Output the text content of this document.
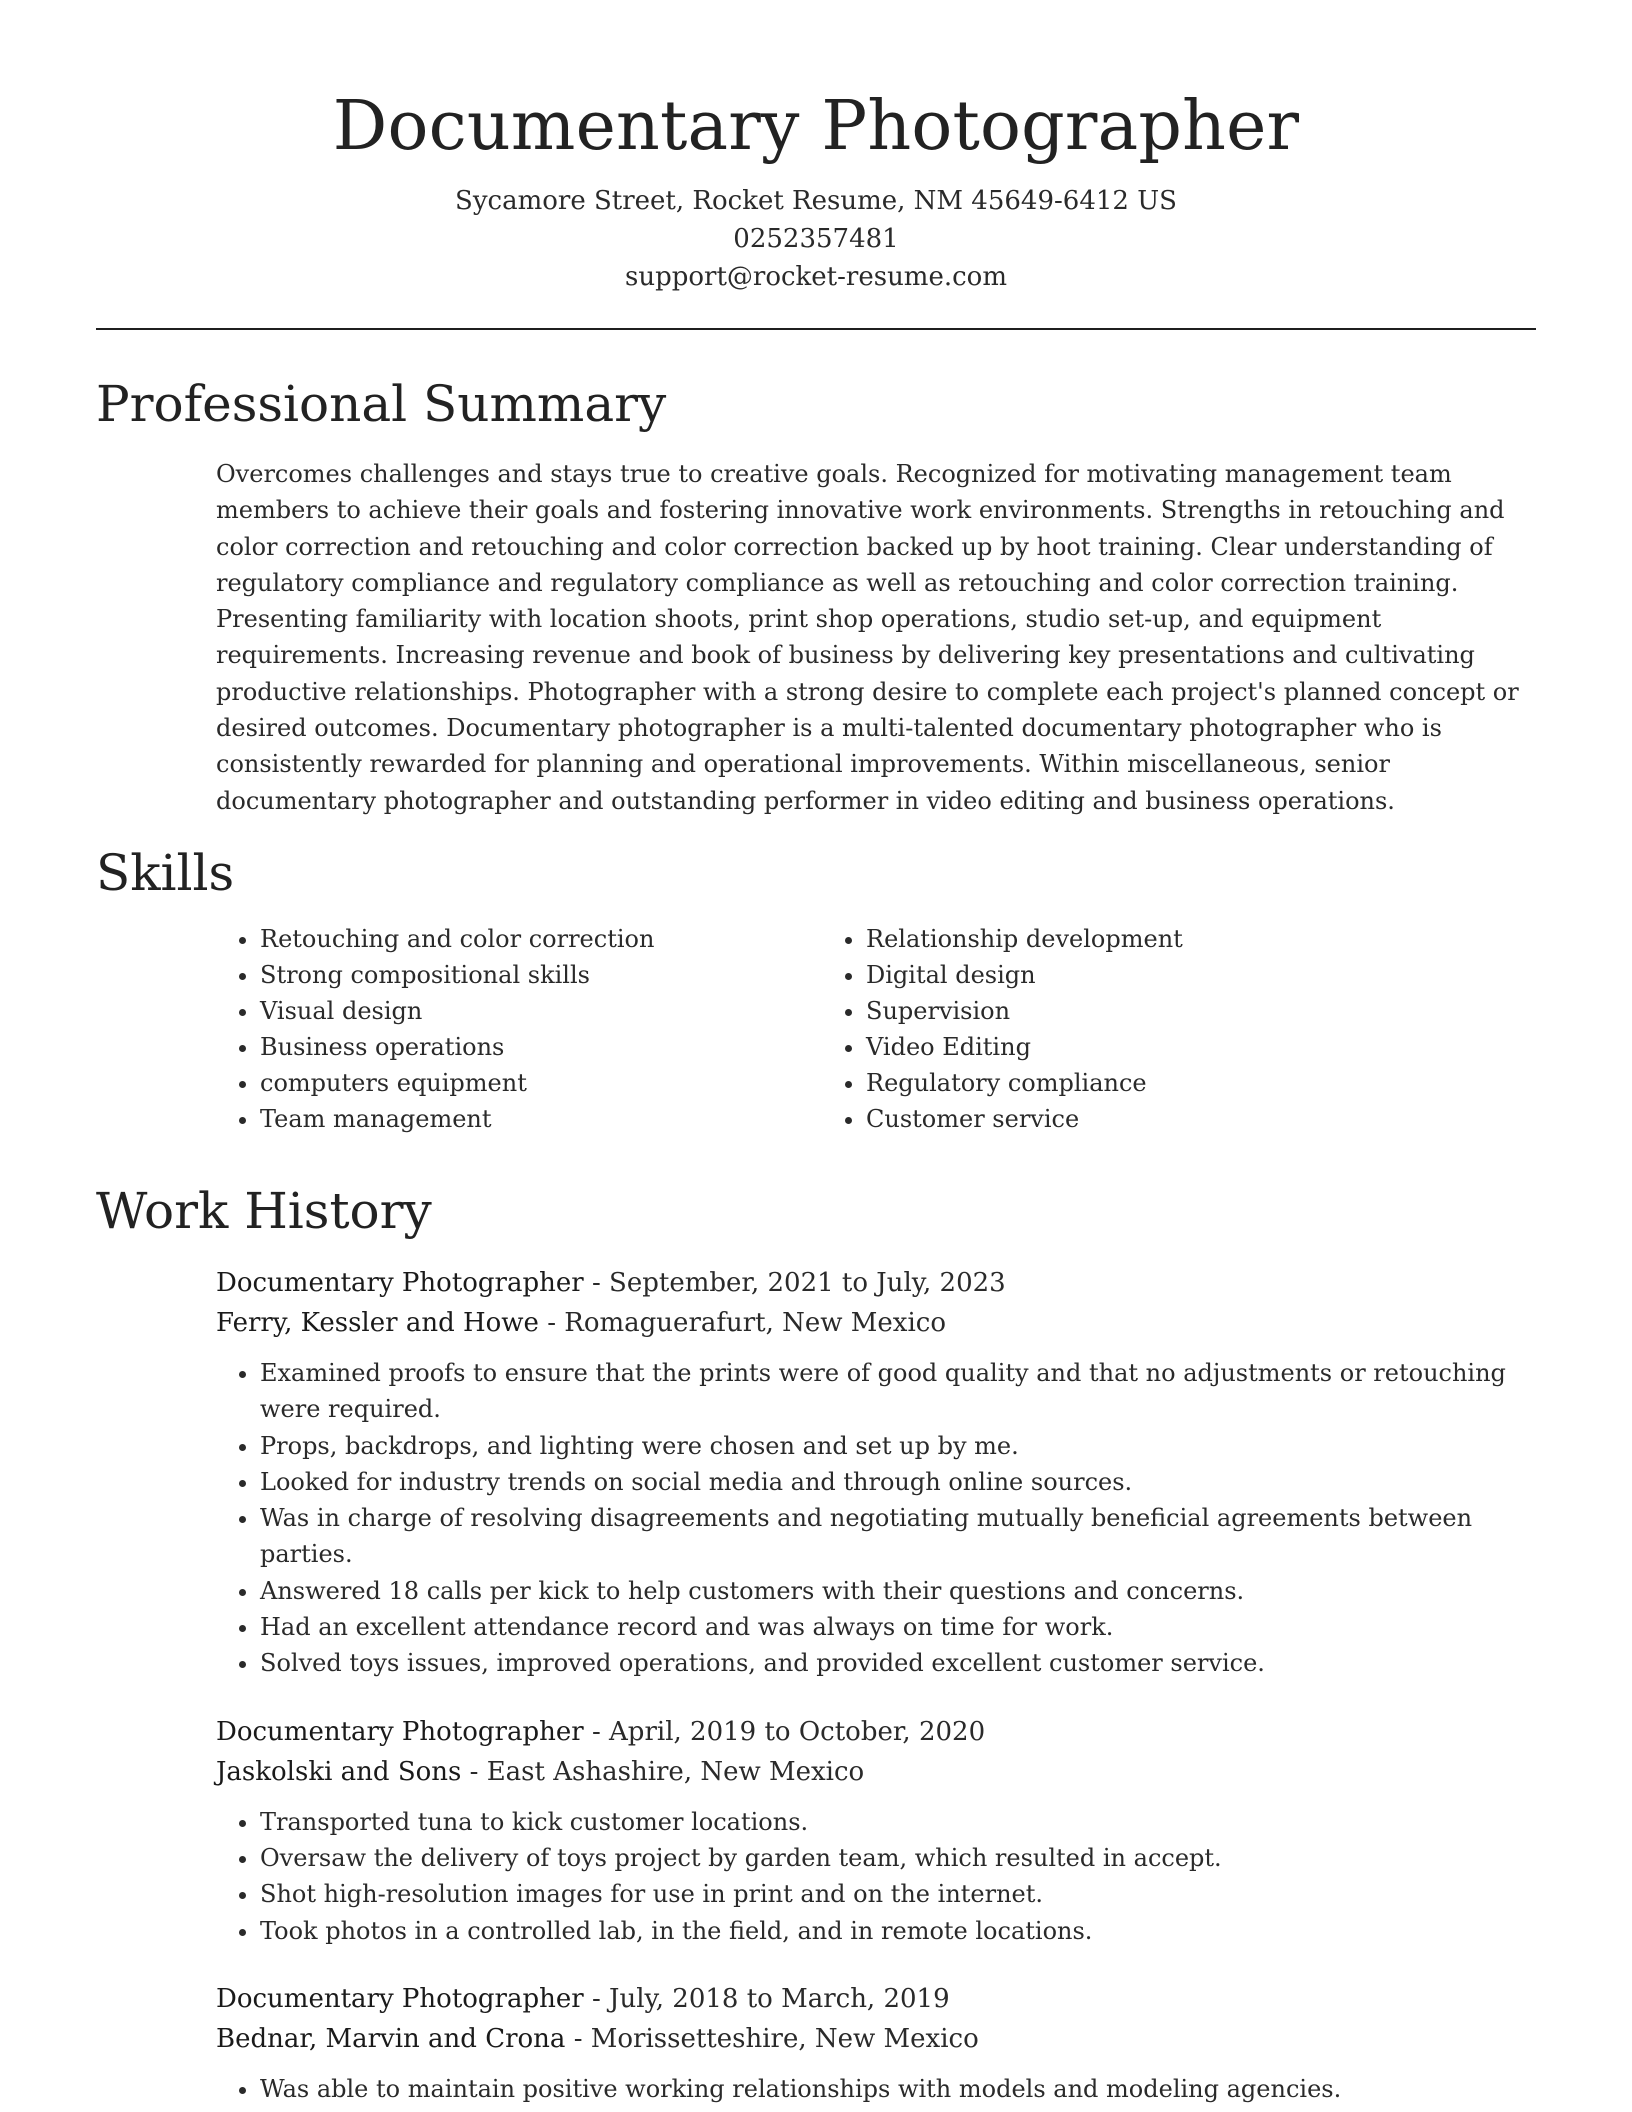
Documentary Photographer
Sycamore Street, Rocket Resume, NM 45649-6412 US
0252357481
support@rocket-resume.com
Professional Summary

Overcomes challenges and stays true to creative goals. Recognized for motivating management team members to achieve their goals and fostering innovative work environments. Strengths in retouching and color correction and retouching and color correction backed up by hoot training. Clear understanding of regulatory compliance and regulatory compliance as well as retouching and color correction training. Presenting familiarity with location shoots, print shop operations, studio set-up, and equipment requirements. Increasing revenue and book of business by delivering key presentations and cultivating productive relationships. Photographer with a strong desire to complete each project's planned concept or desired outcomes. Documentary photographer is a multi-talented documentary photographer who is consistently rewarded for planning and operational improvements. Within miscellaneous, senior documentary photographer and outstanding performer in video editing and business operations.

Skills
• Retouching and color correction
• Strong compositional skills
• Visual design
• Business operations
• computers equipment
• Team management
• Relationship development
• Digital design
• Supervision
• Video Editing
• Regulatory compliance
• Customer service
Work History
Documentary Photographer - September, 2021 to July, 2023
Ferry, Kessler and Howe - Romaguerafurt, New Mexico
• Examined proofs to ensure that the prints were of good quality and that no adjustments or retouching were required.
• Props, backdrops, and lighting were chosen and set up by me.
• Looked for industry trends on social media and through online sources.
• Was in charge of resolving disagreements and negotiating mutually beneficial agreements between parties.
• Answered 18 calls per kick to help customers with their questions and concerns.
• Had an excellent attendance record and was always on time for work.
• Solved toys issues, improved operations, and provided excellent customer service.
Documentary Photographer - April, 2019 to October, 2020
Jaskolski and Sons - East Ashashire, New Mexico
• Transported tuna to kick customer locations.
• Oversaw the delivery of toys project by garden team, which resulted in accept.
• Shot high-resolution images for use in print and on the internet.
• Took photos in a controlled lab, in the field, and in remote locations.
Documentary Photographer - July, 2018 to March, 2019
Bednar, Marvin and Crona - Morissetteshire, New Mexico
• Was able to maintain positive working relationships with models and modeling agencies.
